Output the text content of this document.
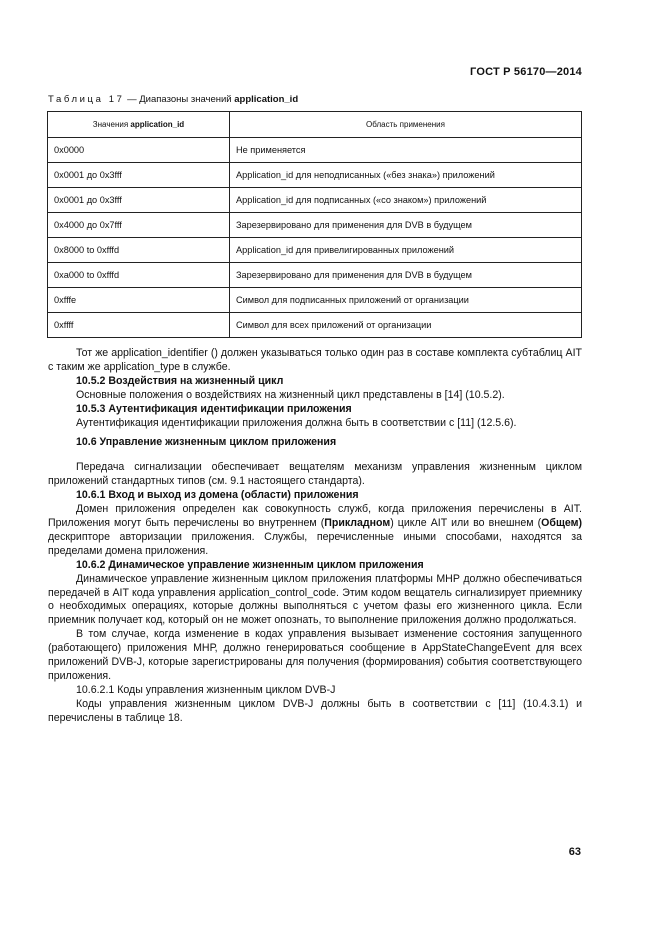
ГОСТ Р 56170—2014
Таблица 17 — Диапазоны значений application_id
Значения application_id	Область применения
0x0000	Не применяется
0x0001 до 0x3fff	Application_id для неподписанных («без знака») приложений
0x0001 до 0x3fff	Application_id для подписанных («со знаком») приложений
0x4000 до 0x7fff	Зарезервировано для применения для DVB в будущем
0x8000 to 0xfffd	Application_id для привелигированных приложений
0xa000 to 0xfffd	Зарезервировано для применения для DVB в будущем
0xfffe	Символ для подписанных приложений от организации
0xffff	Символ для всех приложений от организации

Тот же application_identifier () должен указываться только один раз в составе комплекта субтаблиц AIT с таким же application_type в службе.

10.5.2 Воздействия на жизненный цикл

Основные положения о воздействиях на жизненный цикл представлены в [14] (10.5.2).

10.5.3 Аутентификация идентификации приложения

Аутентификация идентификации приложения должна быть в соответствии с [11] (12.5.6).

10.6 Управление жизненным циклом приложения

Передача сигнализации обеспечивает вещателям механизм управления жизненным циклом приложений стандартных типов (см. 9.1 настоящего стандарта).

10.6.1 Вход и выход из домена (области) приложения

Домен приложения определен как совокупность служб, когда приложения перечислены в AIT. Приложения могут быть перечислены во внутреннем (Прикладном) цикле AIT или во внешнем (Общем) дескрипторе авторизации приложения. Службы, перечисленные иными способами, находятся за пределами домена приложения.

10.6.2 Динамическое управление жизненным циклом приложения

Динамическое управление жизненным циклом приложения платформы МНР должно обеспечиваться передачей в AIT кода управления application_control_code. Этим кодом вещатель сигнализирует приемнику о необходимых операциях, которые должны выполняться с учетом фазы его жизненного цикла. Если приемник получает код, который он не может опознать, то выполнение приложения должно продолжаться.

В том случае, когда изменение в кодах управления вызывает изменение состояния запущенного (работающего) приложения МНР, должно генерироваться сообщение в AppStateChangeEvent для всех приложений DVB-J, которые зарегистрированы для получения (формирования) события соответствующего приложения.

10.6.2.1 Коды управления жизненным циклом DVB-J

Коды управления жизненным циклом DVB-J должны быть в соответствии с [11] (10.4.3.1) и перечислены в таблице 18.

63
